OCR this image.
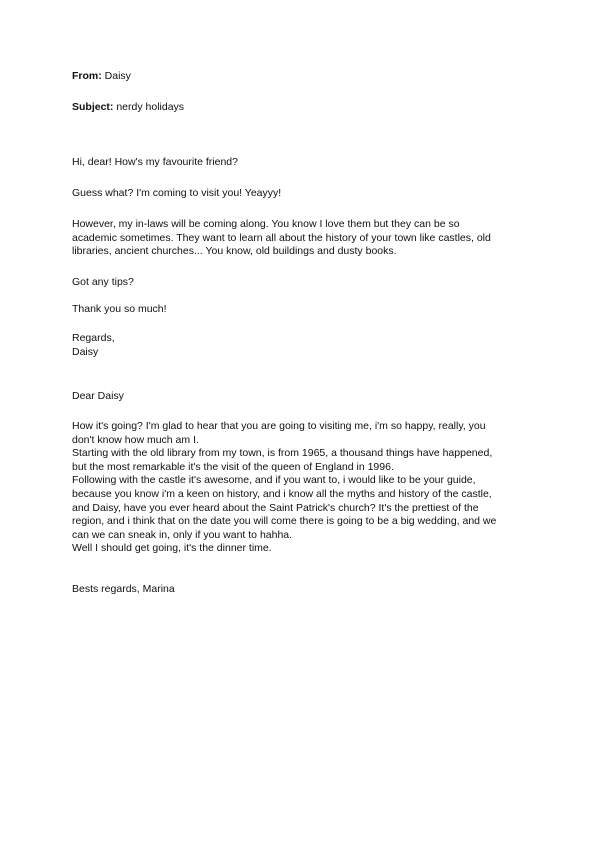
From: Daisy
Subject: nerdy holidays
Hi, dear! How's my favourite friend?
Guess what? I'm coming to visit you! Yeayyy!
However, my in-laws will be coming along. You know I love them but they can be so
academic sometimes. They want to learn all about the history of your town like castles, old
libraries, ancient churches... You know, old buildings and dusty books.
Got any tips?
Thank you so much!
Regards,
Daisy
Dear Daisy
How it's going? I'm glad to hear that you are going to visiting me, i'm so happy, really, you
don't know how much am I.
Starting with the old library from my town, is from 1965, a thousand things have happened,
but the most remarkable it's the visit of the queen of England in 1996.
Following with the castle it's awesome, and if you want to, i would like to be your guide,
because you know i'm a keen on history, and i know all the myths and history of the castle,
and Daisy, have you ever heard about the Saint Patrick's church? It's the prettiest of the
region, and i think that on the date you will come there is going to be a big wedding, and we
can we can sneak in, only if you want to hahha.
Well I should get going, it's the dinner time.
Bests regards, Marina
